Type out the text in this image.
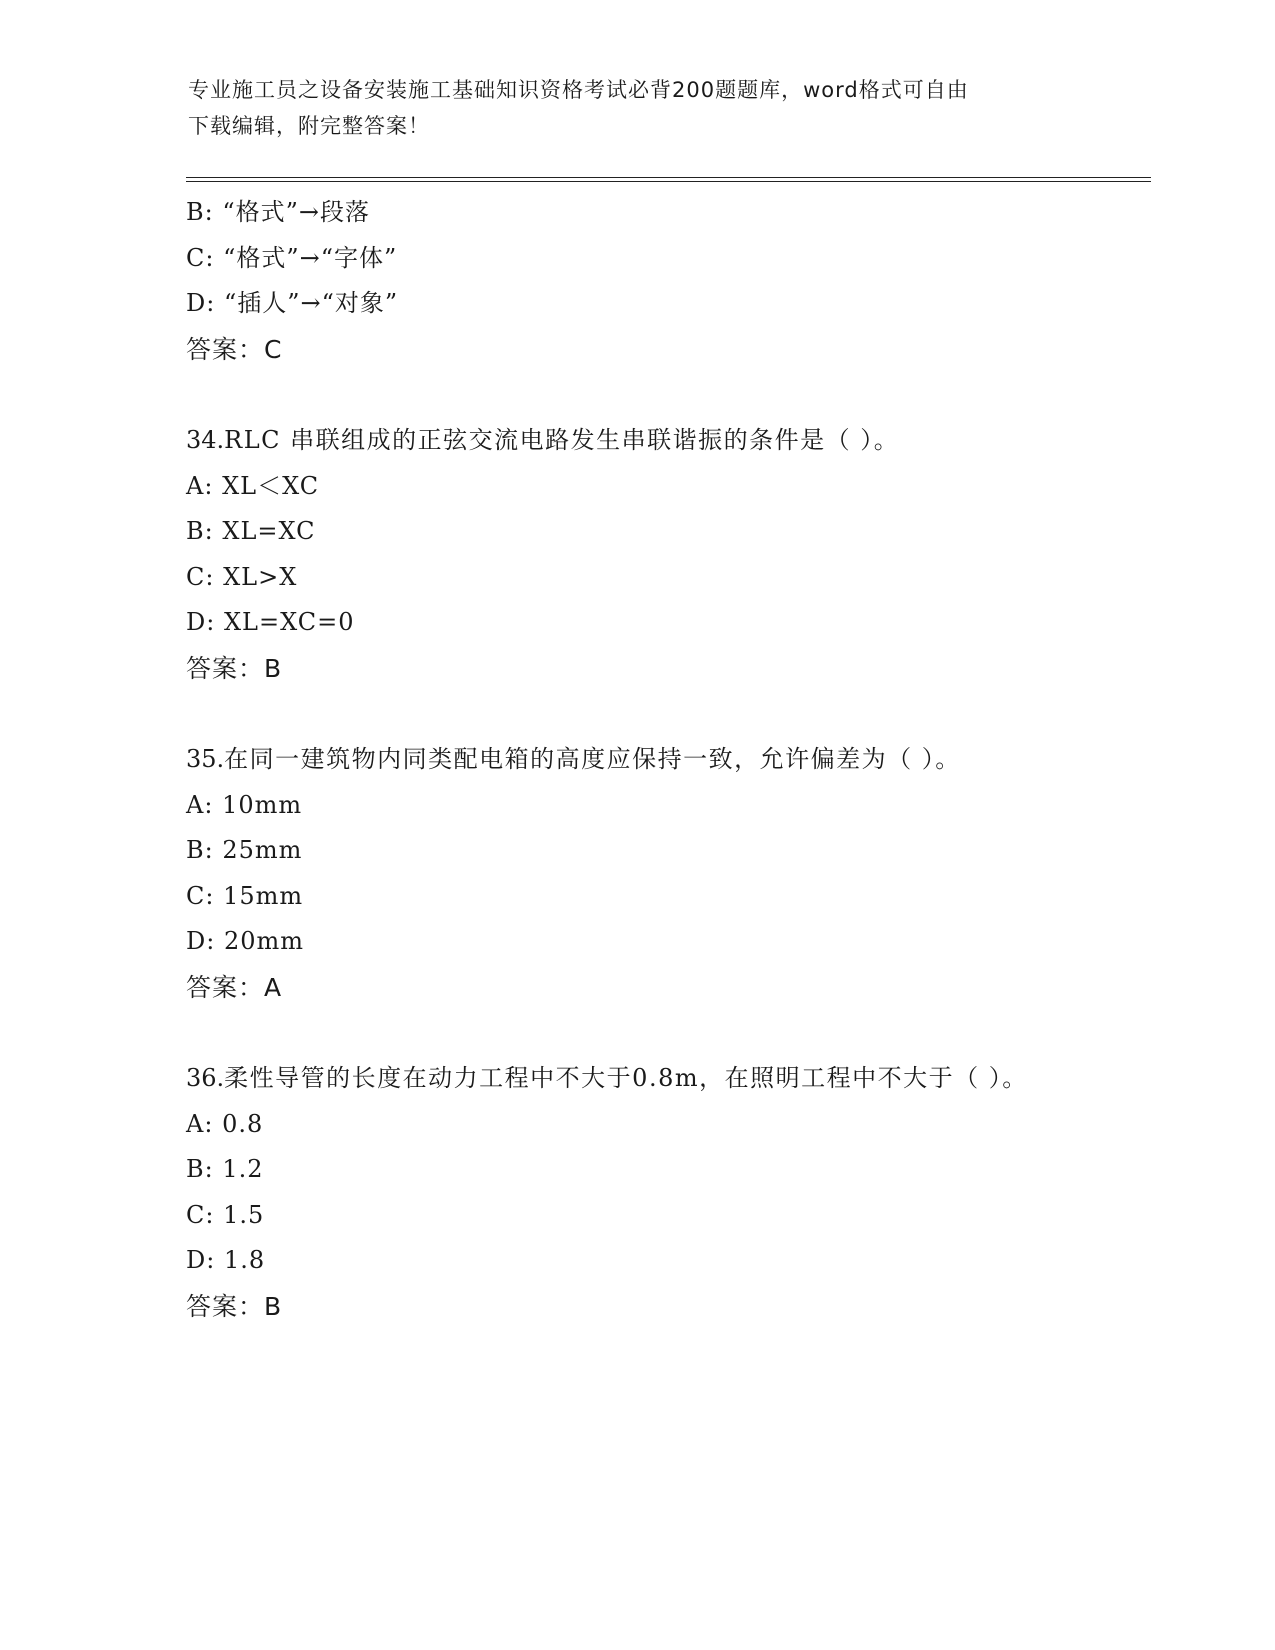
专业施工员之设备安装施工基础知识资格考试必背200题题库，word格式可自由
下载编辑，附完整答案！
B: “格式”→段落
C: “格式”→“字体”
D: “插人”→“对象”
答案：C
34.RLC 串联组成的正弦交流电路发生串联谐振的条件是（ ）。
A: XL＜XC
B: XL=XC
C: XL>X
D: XL=XC=0
答案：B
35.在同一建筑物内同类配电箱的高度应保持一致，允许偏差为（ ）。
A: 10mm
B: 25mm
C: 15mm
D: 20mm
答案：A
36.柔性导管的长度在动力工程中不大于0.8m，在照明工程中不大于（ ）。
A: 0.8
B: 1.2
C: 1.5
D: 1.8
答案：B
